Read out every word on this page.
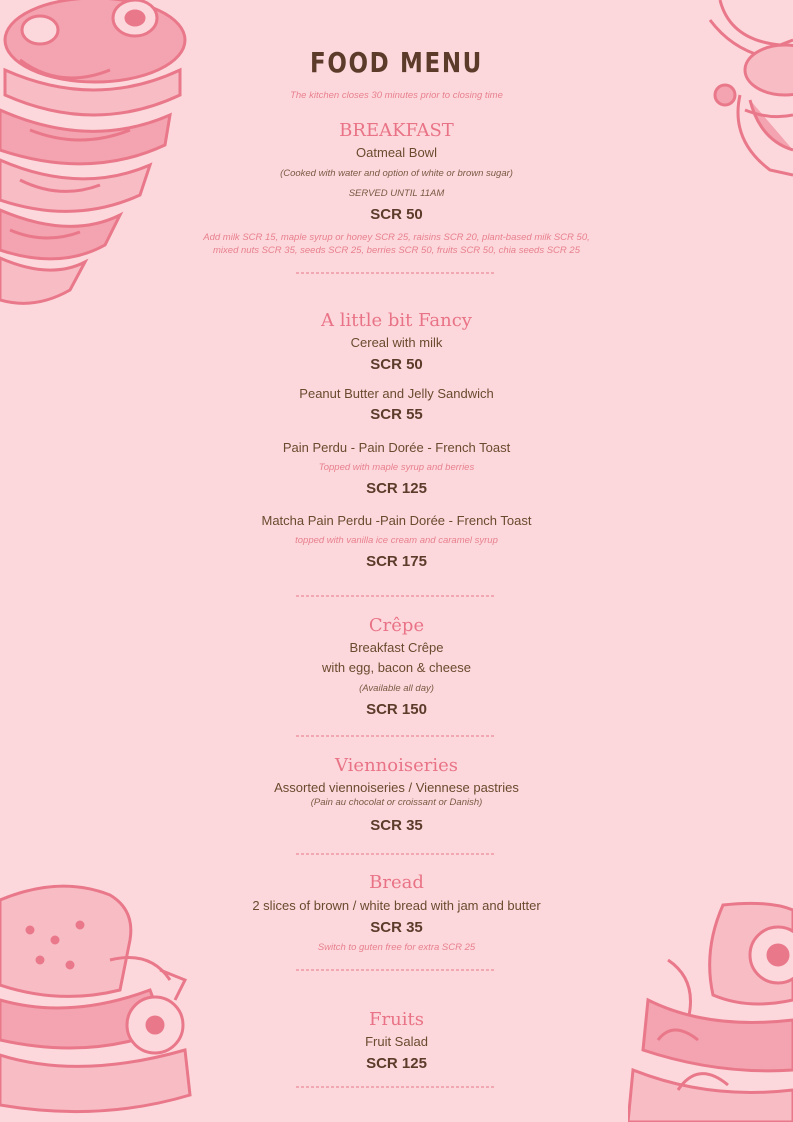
FOOD MENU
The kitchen closes 30 minutes prior to closing time
BREAKFAST
Oatmeal Bowl
(Cooked with water and option of white or brown sugar)
SERVED UNTIL 11AM
SCR 50
Add milk SCR 15, maple syrup or honey SCR 25, raisins SCR 20, plant-based milk SCR 50,
mixed nuts SCR 35, seeds SCR 25, berries SCR 50, fruits SCR 50, chia seeds SCR 25
A little bit Fancy
Cereal with milk
SCR 50
Peanut Butter and Jelly Sandwich
SCR 55
Pain Perdu - Pain Dorée - French Toast
Topped with maple syrup and berries
SCR 125
Matcha Pain Perdu -Pain Dorée - French Toast
topped with vanilla ice cream and caramel syrup
SCR 175
Crêpe
Breakfast Crêpe
with egg, bacon & cheese
(Available all day)
SCR 150
Viennoiseries
Assorted viennoiseries / Viennese pastries
(Pain au chocolat or croissant or Danish)
SCR 35
Bread
2 slices of brown / white bread with jam and butter
SCR 35
Switch to guten free for extra SCR 25
Fruits
Fruit Salad
SCR 125
